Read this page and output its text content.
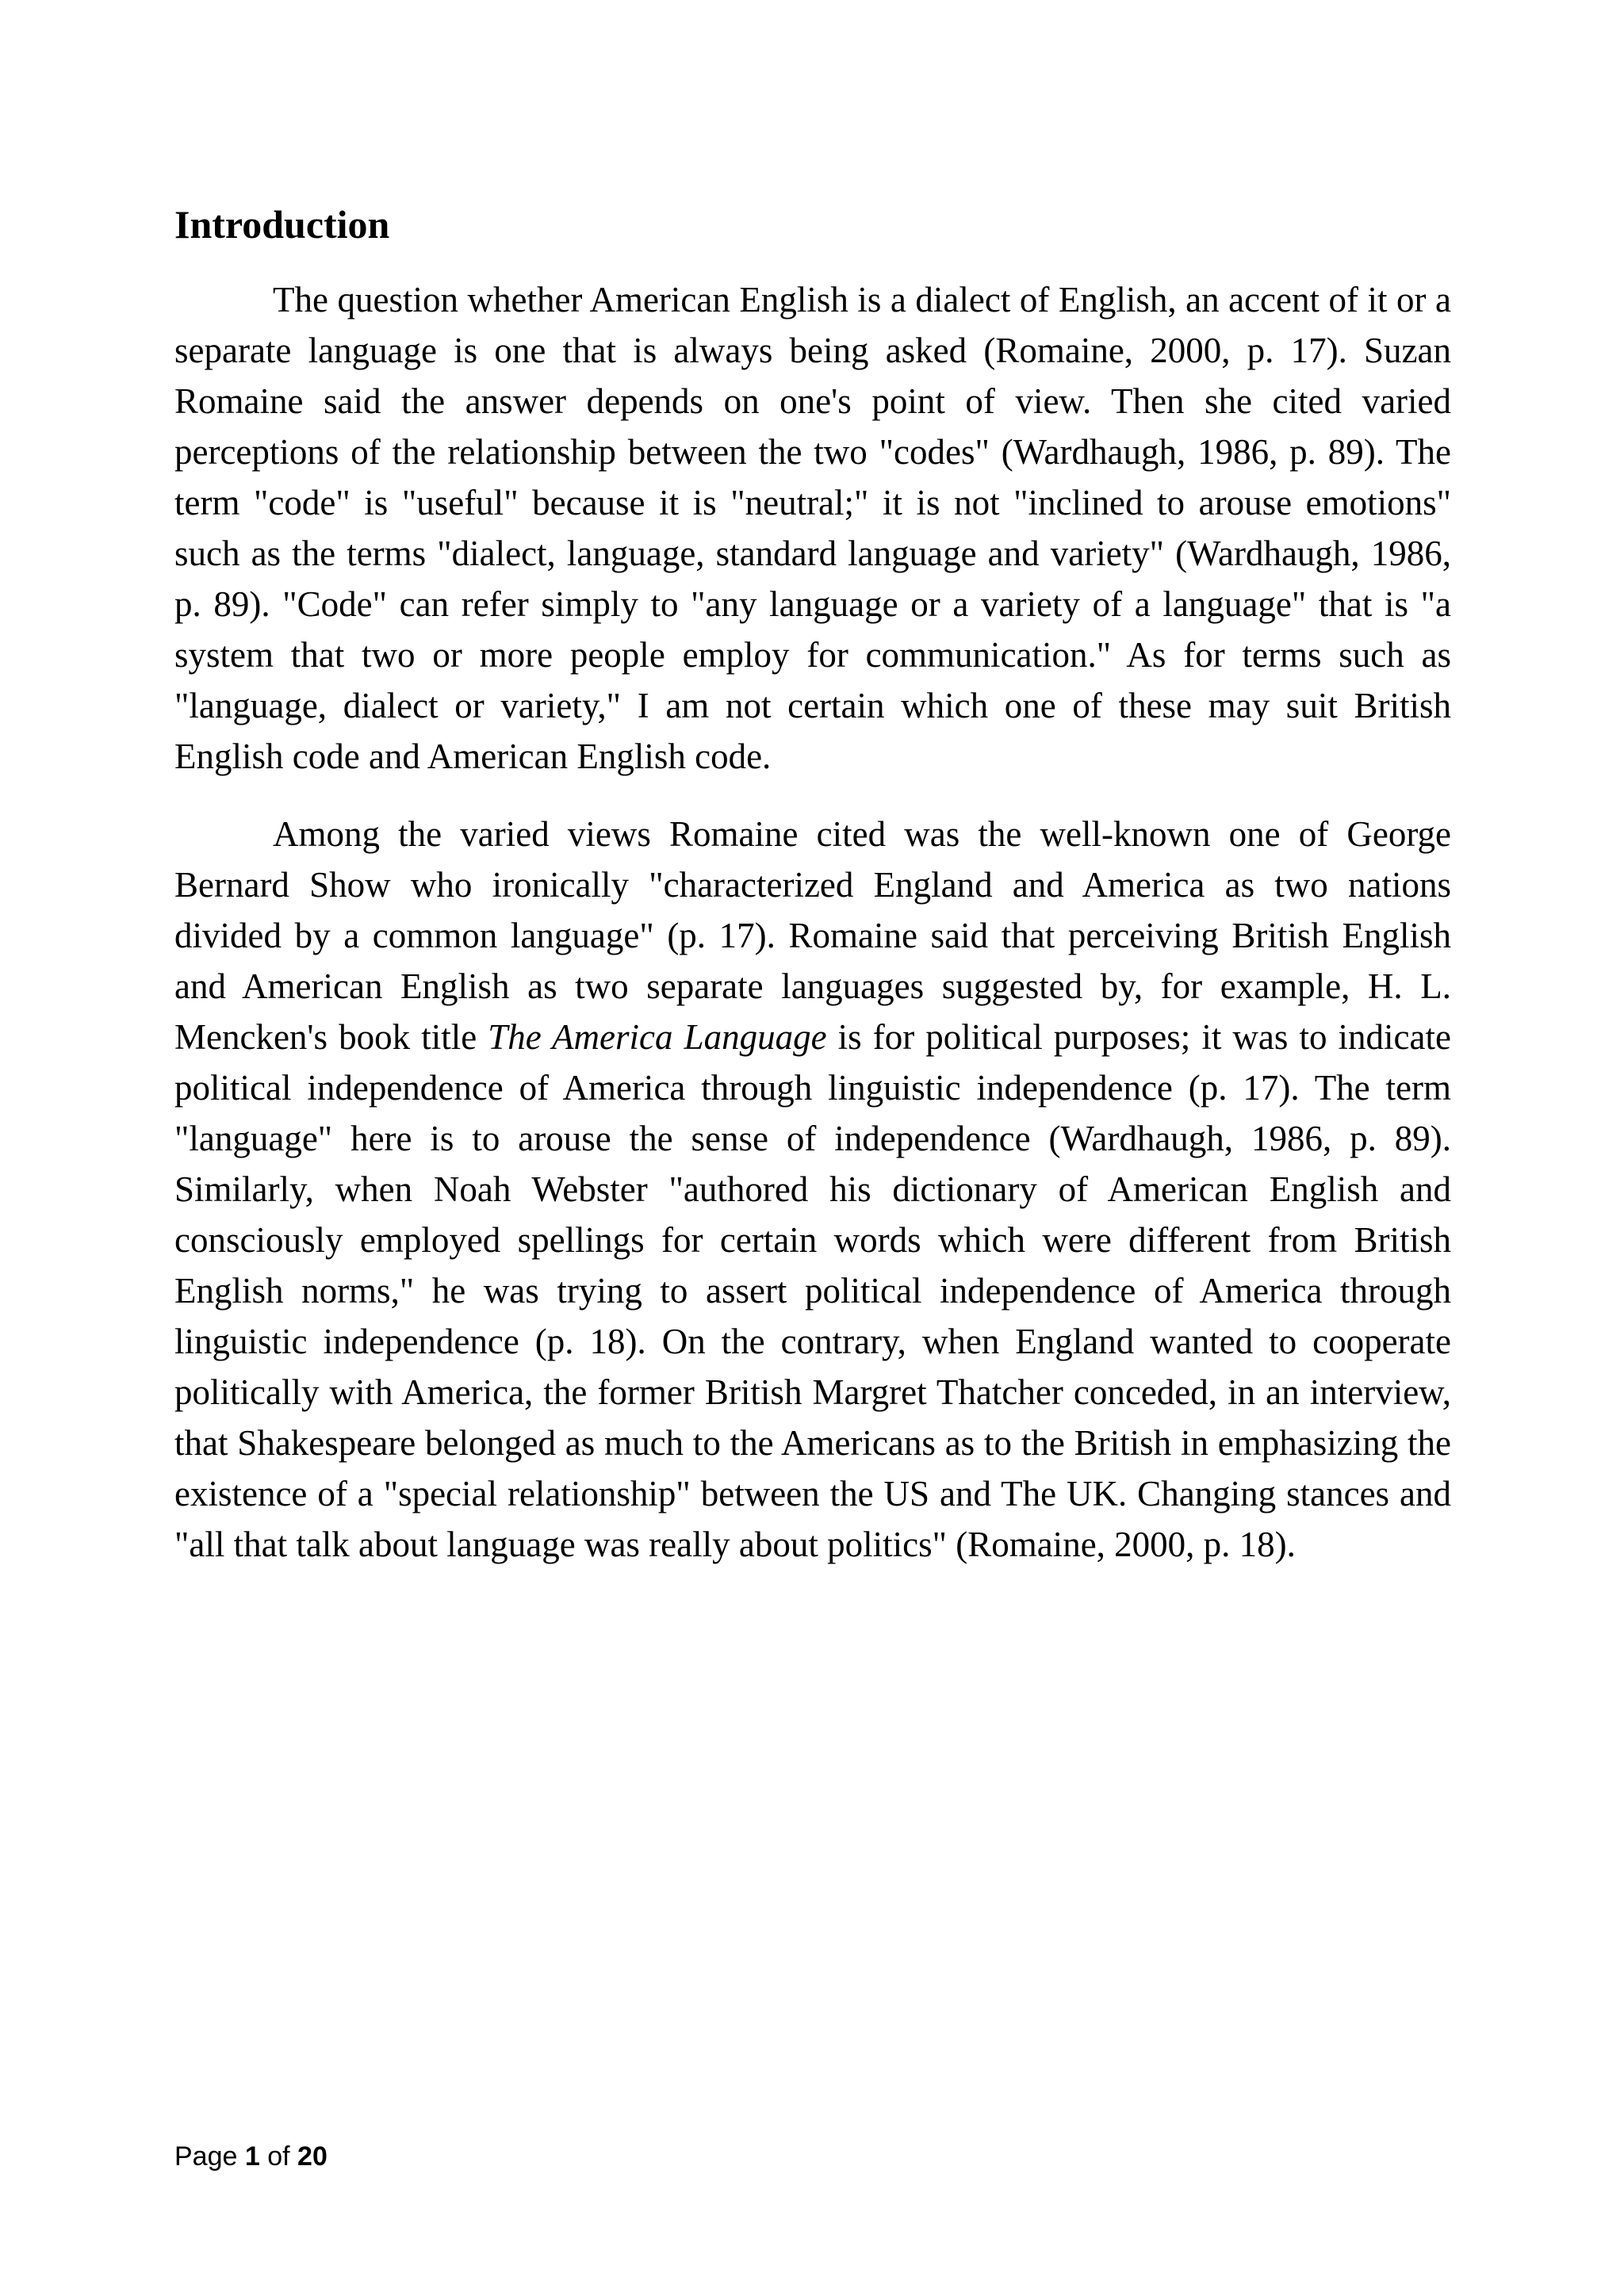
Introduction

The question whether American English is a dialect of English, an accent of it or a separate language is one that is always being asked (Romaine, 2000, p. 17). Suzan Romaine said the answer depends on one's point of view. Then she cited varied perceptions of the relationship between the two "codes" (Wardhaugh, 1986, p. 89). The term "code" is "useful" because it is "neutral;" it is not "inclined to arouse emotions" such as the terms "dialect, language, standard language and variety" (Wardhaugh, 1986, p. 89). "Code" can refer simply to "any language or a variety of a language" that is "a system that two or more people employ for communication." As for terms such as "language, dialect or variety," I am not certain which one of these may suit British English code and American English code.

Among the varied views Romaine cited was the well-known one of George Bernard Show who ironically "characterized England and America as two nations divided by a common language" (p. 17). Romaine said that perceiving British English and American English as two separate languages suggested by, for example, H. L. Mencken's book title The America Language is for political purposes; it was to indicate political independence of America through linguistic independence (p. 17). The term "language" here is to arouse the sense of independence (Wardhaugh, 1986, p. 89). Similarly, when Noah Webster "authored his dictionary of American English and consciously employed spellings for certain words which were different from British English norms," he was trying to assert political independence of America through linguistic independence (p. 18). On the contrary, when England wanted to cooperate politically with America, the former British Margret Thatcher conceded, in an interview, that Shakespeare belonged as much to the Americans as to the British in emphasizing the existence of a "special relationship" between the US and The UK. Changing stances and "all that talk about language was really about politics" (Romaine, 2000, p. 18).

Page 1 of 20
